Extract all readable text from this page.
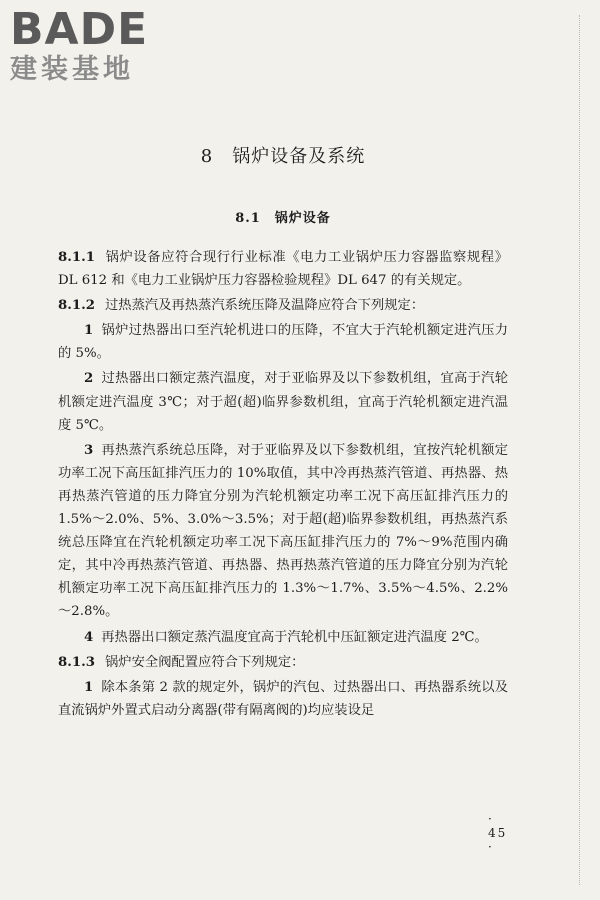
BADE
建装基地
8　锅炉设备及系统
8.1　锅炉设备

8.1.1 锅炉设备应符合现行行业标准《电力工业锅炉压力容器监察规程》DL 612 和《电力工业锅炉压力容器检验规程》DL 647 的有关规定。

8.1.2 过热蒸汽及再热蒸汽系统压降及温降应符合下列规定：

1 锅炉过热器出口至汽轮机进口的压降，不宜大于汽轮机额定进汽压力的 5%。

2 过热器出口额定蒸汽温度，对于亚临界及以下参数机组，宜高于汽轮机额定进汽温度 3℃；对于超(超)临界参数机组，宜高于汽轮机额定进汽温度 5℃。

3 再热蒸汽系统总压降，对于亚临界及以下参数机组，宜按汽轮机额定功率工况下高压缸排汽压力的 10%取值，其中冷再热蒸汽管道、再热器、热再热蒸汽管道的压力降宜分别为汽轮机额定功率工况下高压缸排汽压力的 1.5%～2.0%、5%、3.0%～3.5%；对于超(超)临界参数机组，再热蒸汽系统总压降宜在汽轮机额定功率工况下高压缸排汽压力的 7%～9%范围内确定，其中冷再热蒸汽管道、再热器、热再热蒸汽管道的压力降宜分别为汽轮机额定功率工况下高压缸排汽压力的 1.3%～1.7%、3.5%～4.5%、2.2%～2.8%。

4 再热器出口额定蒸汽温度宜高于汽轮机中压缸额定进汽温度 2℃。

8.1.3 锅炉安全阀配置应符合下列规定：

1 除本条第 2 款的规定外，锅炉的汽包、过热器出口、再热器系统以及直流锅炉外置式启动分离器(带有隔离阀的)均应装设足

· 45 ·
